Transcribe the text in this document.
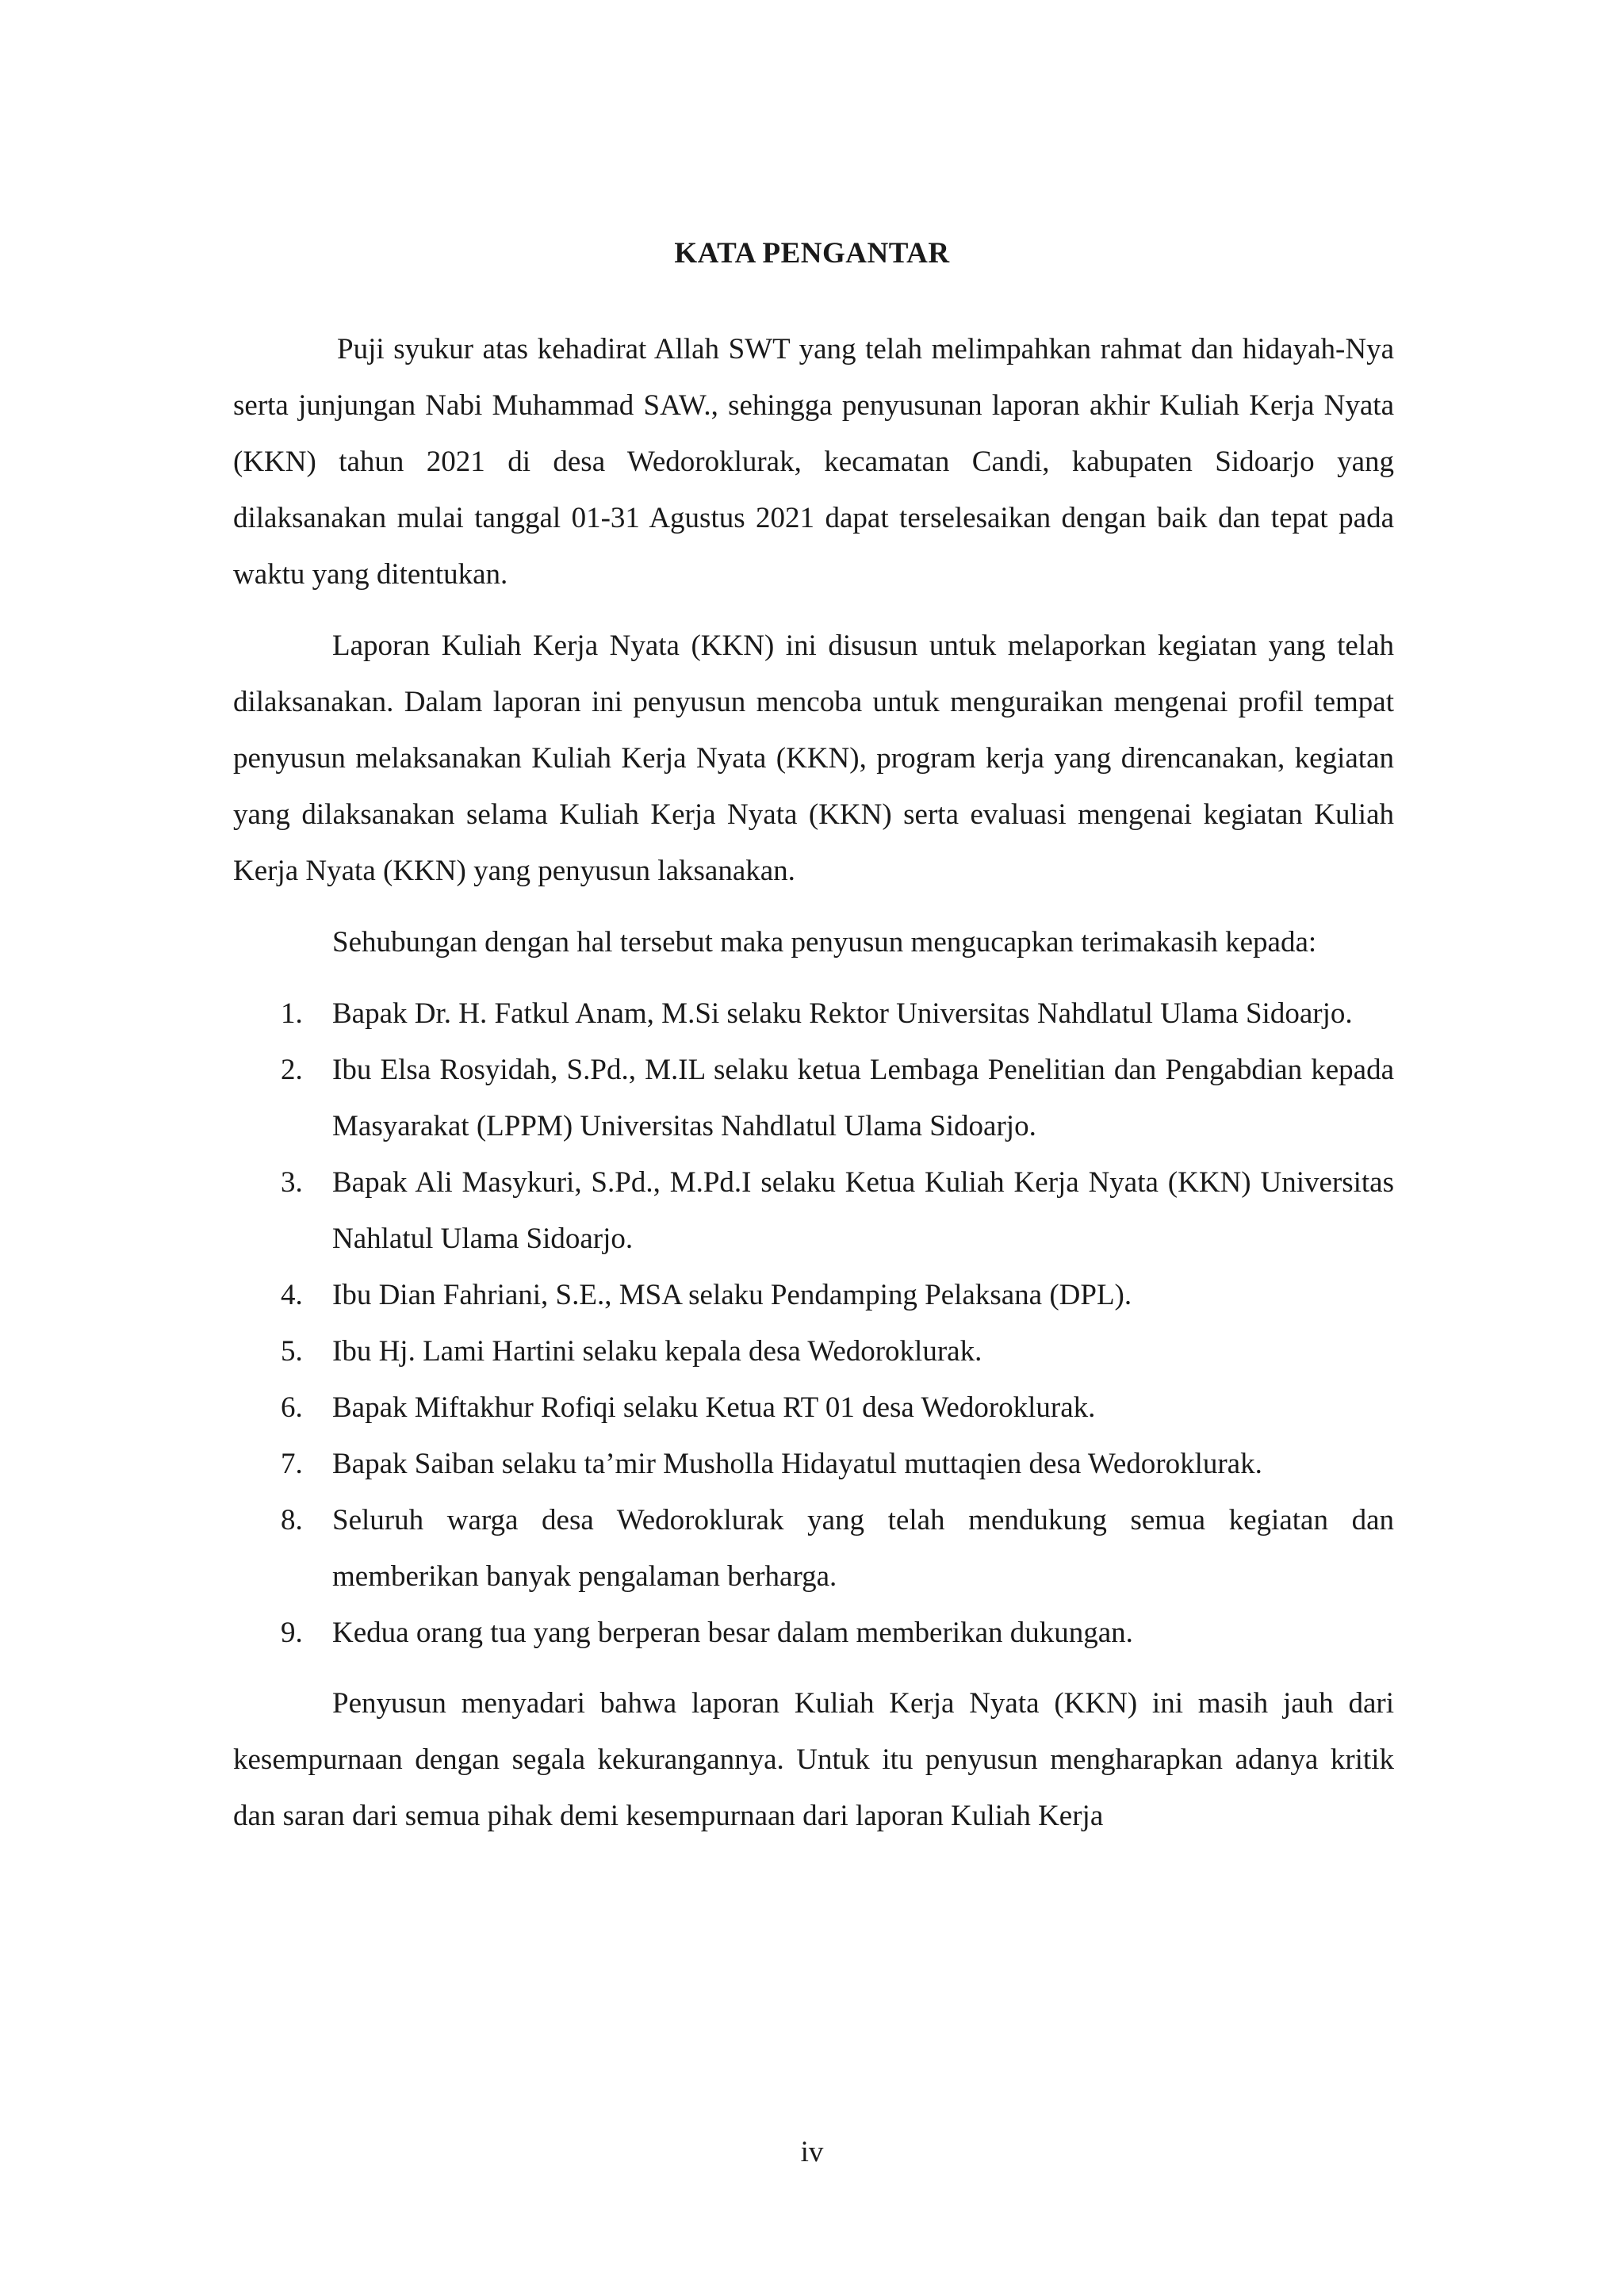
KATA PENGANTAR

Puji syukur atas kehadirat Allah SWT yang telah melimpahkan rahmat dan hidayah-Nya serta junjungan Nabi Muhammad SAW., sehingga penyusunan laporan akhir Kuliah Kerja Nyata (KKN) tahun 2021 di desa Wedoroklurak, kecamatan Candi, kabupaten Sidoarjo yang dilaksanakan mulai tanggal 01-31 Agustus 2021 dapat terselesaikan dengan baik dan tepat pada waktu yang ditentukan.

Laporan Kuliah Kerja Nyata (KKN) ini disusun untuk melaporkan kegiatan yang telah dilaksanakan. Dalam laporan ini penyusun mencoba untuk menguraikan mengenai profil tempat penyusun melaksanakan Kuliah Kerja Nyata (KKN), program kerja yang direncanakan, kegiatan yang dilaksanakan selama Kuliah Kerja Nyata (KKN) serta evaluasi mengenai kegiatan Kuliah Kerja Nyata (KKN) yang penyusun laksanakan.

Sehubungan dengan hal tersebut maka penyusun mengucapkan terimakasih kepada:

1. Bapak Dr. H. Fatkul Anam, M.Si selaku Rektor Universitas Nahdlatul Ulama Sidoarjo.
2. Ibu Elsa Rosyidah, S.Pd., M.IL selaku ketua Lembaga Penelitian dan Pengabdian kepada Masyarakat (LPPM) Universitas Nahdlatul Ulama Sidoarjo.
3. Bapak Ali Masykuri, S.Pd., M.Pd.I selaku Ketua Kuliah Kerja Nyata (KKN) Universitas Nahlatul Ulama Sidoarjo.
4. Ibu Dian Fahriani, S.E., MSA selaku Pendamping Pelaksana (DPL).
5. Ibu Hj. Lami Hartini selaku kepala desa Wedoroklurak.
6. Bapak Miftakhur Rofiqi selaku Ketua RT 01 desa Wedoroklurak.
7. Bapak Saiban selaku ta’mir Musholla Hidayatul muttaqien desa Wedoroklurak.
8. Seluruh warga desa Wedoroklurak yang telah mendukung semua kegiatan dan memberikan banyak pengalaman berharga.
9. Kedua orang tua yang berperan besar dalam memberikan dukungan.

Penyusun menyadari bahwa laporan Kuliah Kerja Nyata (KKN) ini masih jauh dari kesempurnaan dengan segala kekurangannya. Untuk itu penyusun mengharapkan adanya kritik dan saran dari semua pihak demi kesempurnaan dari laporan Kuliah Kerja

iv
